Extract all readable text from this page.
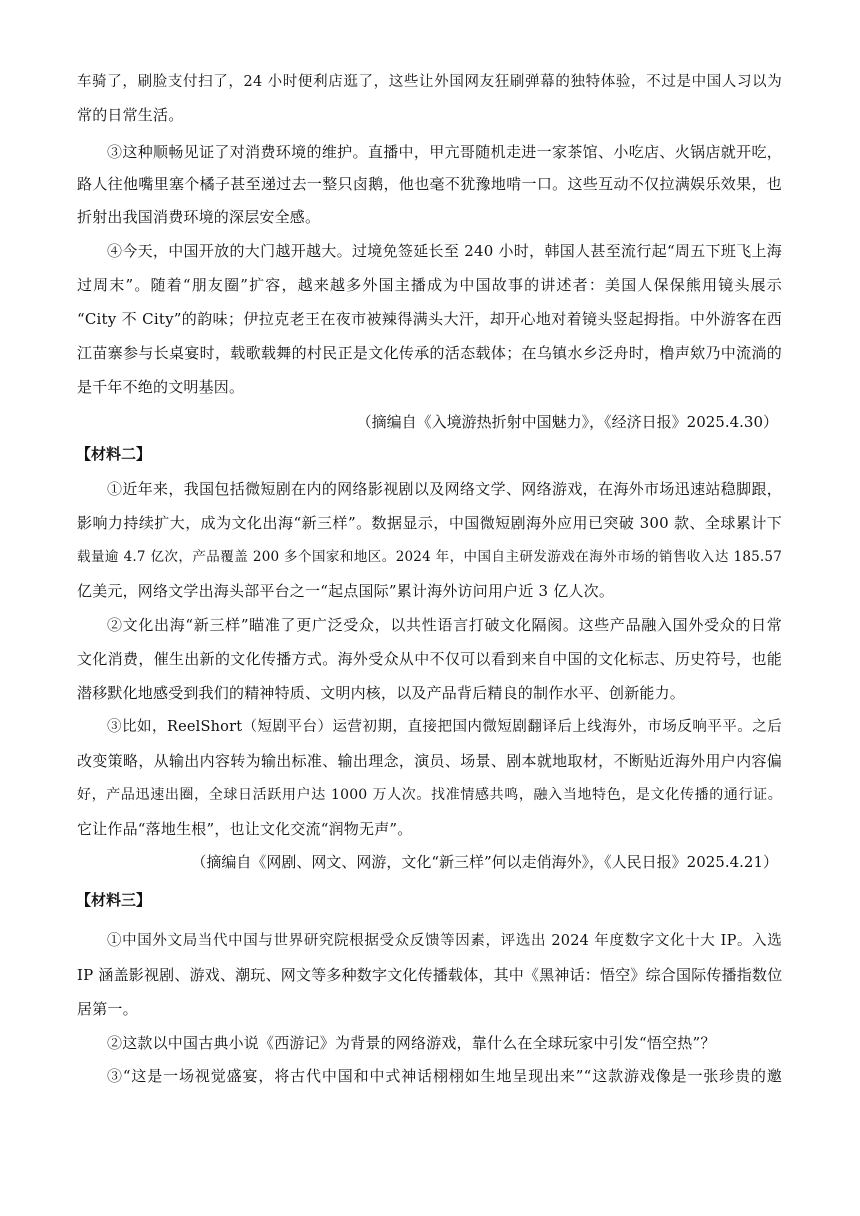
车骑了，刷脸支付扫了，24 小时便利店逛了，这些让外国网友狂刷弹幕的独特体验，不过是中国人习以为
常的日常生活。
③这种顺畅见证了对消费环境的维护。直播中，甲亢哥随机走进一家茶馆、小吃店、火锅店就开吃，
路人往他嘴里塞个橘子甚至递过去一整只卤鹅，他也毫不犹豫地啃一口。这些互动不仅拉满娱乐效果，也
折射出我国消费环境的深层安全感。
④今天，中国开放的大门越开越大。过境免签延长至 240 小时，韩国人甚至流行起“周五下班飞上海
过周末”。随着“朋友圈”扩容，越来越多外国主播成为中国故事的讲述者：美国人保保熊用镜头展示
“City 不 City”的韵味；伊拉克老王在夜市被辣得满头大汗，却开心地对着镜头竖起拇指。中外游客在西
江苗寨参与长桌宴时，载歌载舞的村民正是文化传承的活态载体；在乌镇水乡泛舟时，橹声欸乃中流淌的
是千年不绝的文明基因。
（摘编自《入境游热折射中国魅力》，《经济日报》2025.4.30）
【材料二】
①近年来，我国包括微短剧在内的网络影视剧以及网络文学、网络游戏，在海外市场迅速站稳脚跟，
影响力持续扩大，成为文化出海“新三样”。数据显示，中国微短剧海外应用已突破 300 款、全球累计下
载量逾 4.7 亿次，产品覆盖 200 多个国家和地区。2024 年，中国自主研发游戏在海外市场的销售收入达 185.57
亿美元，网络文学出海头部平台之一“起点国际”累计海外访问用户近 3 亿人次。
②文化出海“新三样”瞄准了更广泛受众，以共性语言打破文化隔阂。这些产品融入国外受众的日常
文化消费，催生出新的文化传播方式。海外受众从中不仅可以看到来自中国的文化标志、历史符号，也能
潜移默化地感受到我们的精神特质、文明内核，以及产品背后精良的制作水平、创新能力。
③比如，ReelShort（短剧平台）运营初期，直接把国内微短剧翻译后上线海外，市场反响平平。之后
改变策略，从输出内容转为输出标准、输出理念，演员、场景、剧本就地取材，不断贴近海外用户内容偏
好，产品迅速出圈，全球日活跃用户达 1000 万人次。找准情感共鸣，融入当地特色，是文化传播的通行证。
它让作品“落地生根”，也让文化交流“润物无声”。
（摘编自《网剧、网文、网游，文化“新三样”何以走俏海外》，《人民日报》2025.4.21）
【材料三】
①中国外文局当代中国与世界研究院根据受众反馈等因素，评选出 2024 年度数字文化十大 IP。入选
IP 涵盖影视剧、游戏、潮玩、网文等多种数字文化传播载体，其中《黑神话：悟空》综合国际传播指数位
居第一。
②这款以中国古典小说《西游记》为背景的网络游戏，靠什么在全球玩家中引发“悟空热”？
③“这是一场视觉盛宴，将古代中国和中式神话栩栩如生地呈现出来”“这款游戏像是一张珍贵的邀
